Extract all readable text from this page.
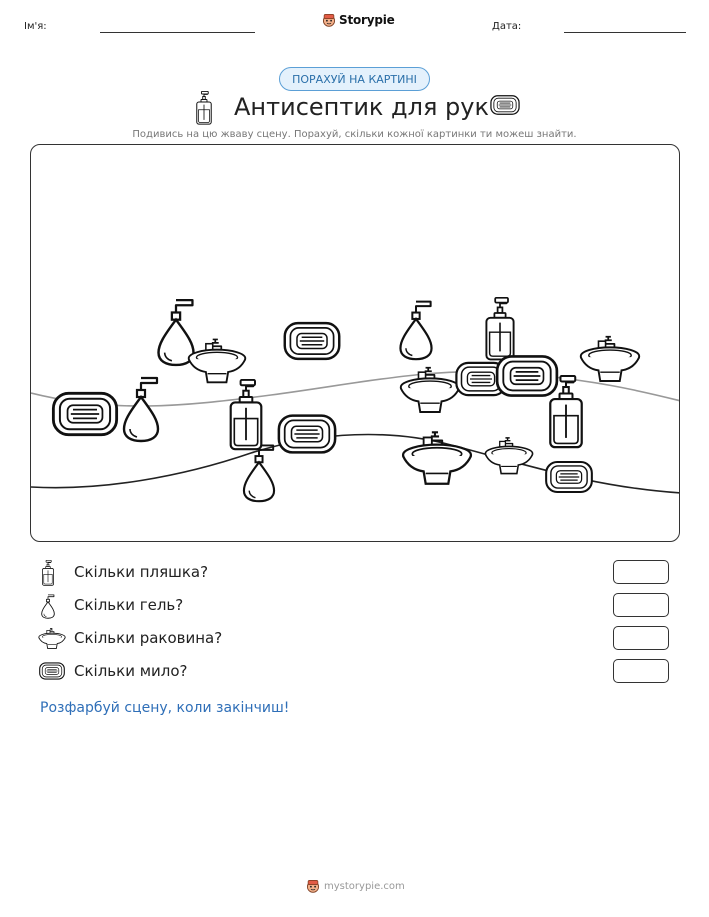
Ім'я:	Storypie	Дата:
ПОРАХУЙ НА КАРТИНІ
Антисептик для рук

Подивись на цю жваву сцену. Порахуй, скільки кожної картинки ти можеш знайти.

Скільки пляшка?
Скільки гель?
Скільки раковина?
Скільки мило?

Розфарбуй сцену, коли закінчиш!

mystorypie.com
